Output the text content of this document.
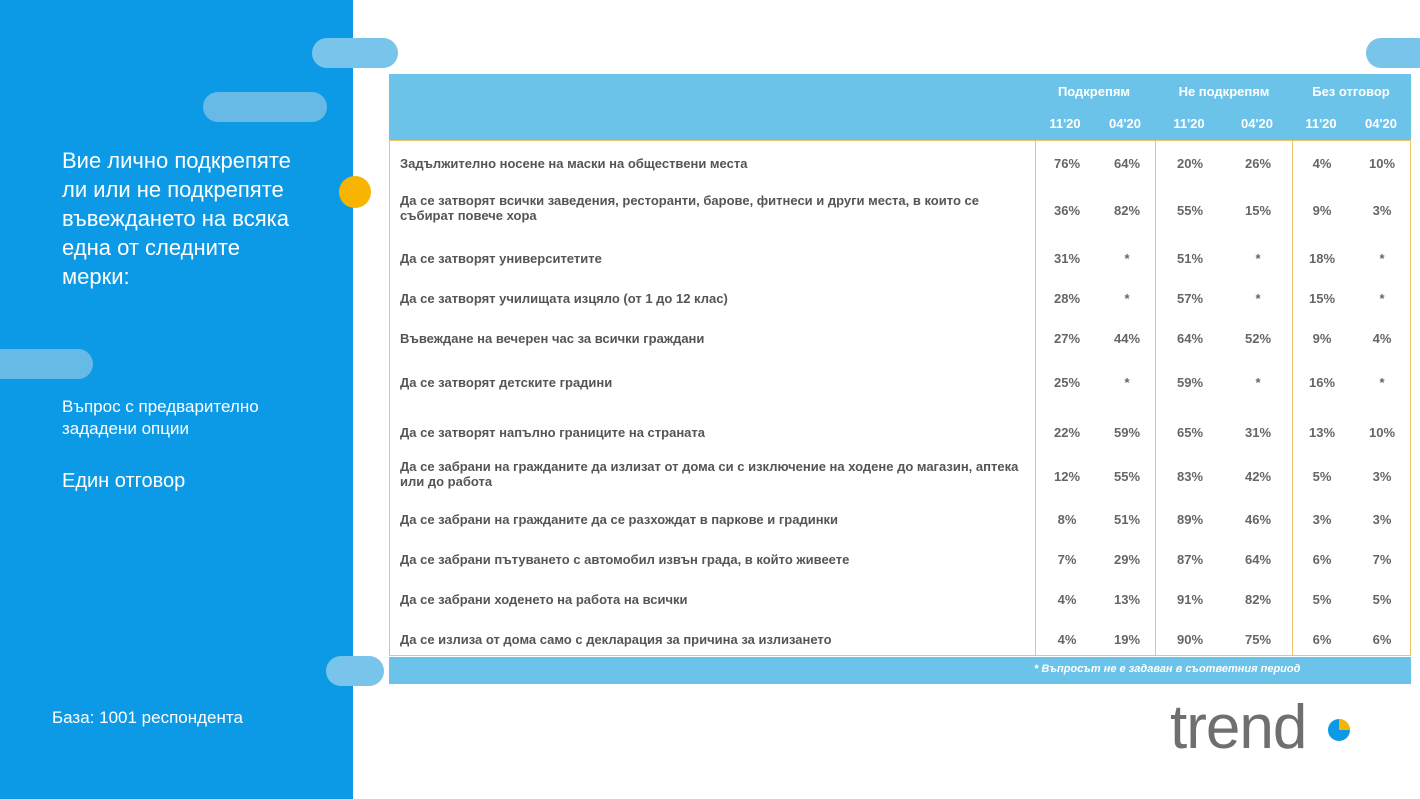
Вие лично подкрепяте ли или не подкрепяте въвеждането на всяка една от следните мерки:
Въпрос с предварително зададени опции
Един отговор
База: 1001 респондента
Подкрепям	Не подкрепям	Без отговор
11'20	04'20	11'20	04'20	11'20	04'20
Задължително носене на маски на обществени места	76%	64%	20%	26%	4%	10%
Да се затворят всички заведения, ресторанти, барове, фитнеси и други места, в които се събират повече хора	36%	82%	55%	15%	9%	3%
Да се затворят университетите	31%	*	51%	*	18%	*
Да се затворят училищата изцяло (от 1 до 12 клас)	28%	*	57%	*	15%	*
Въвеждане на вечерен час за всички граждани	27%	44%	64%	52%	9%	4%
Да се затворят детските градини	25%	*	59%	*	16%	*
Да се затворят напълно границите на страната	22%	59%	65%	31%	13%	10%
Да се забрани на гражданите да излизат от дома си с изключение на ходене до магазин, аптека или до работа	12%	55%	83%	42%	5%	3%
Да се забрани на гражданите да се разхождат в паркове и градинки	8%	51%	89%	46%	3%	3%
Да се забрани пътуването с автомобил извън града, в който живеете	7%	29%	87%	64%	6%	7%
Да се забрани ходенето на работа на всички	4%	13%	91%	82%	5%	5%
Да се излиза от дома само с декларация за причина за излизането	4%	19%	90%	75%	6%	6%
* Въпросът не е задаван в съответния период
trend
